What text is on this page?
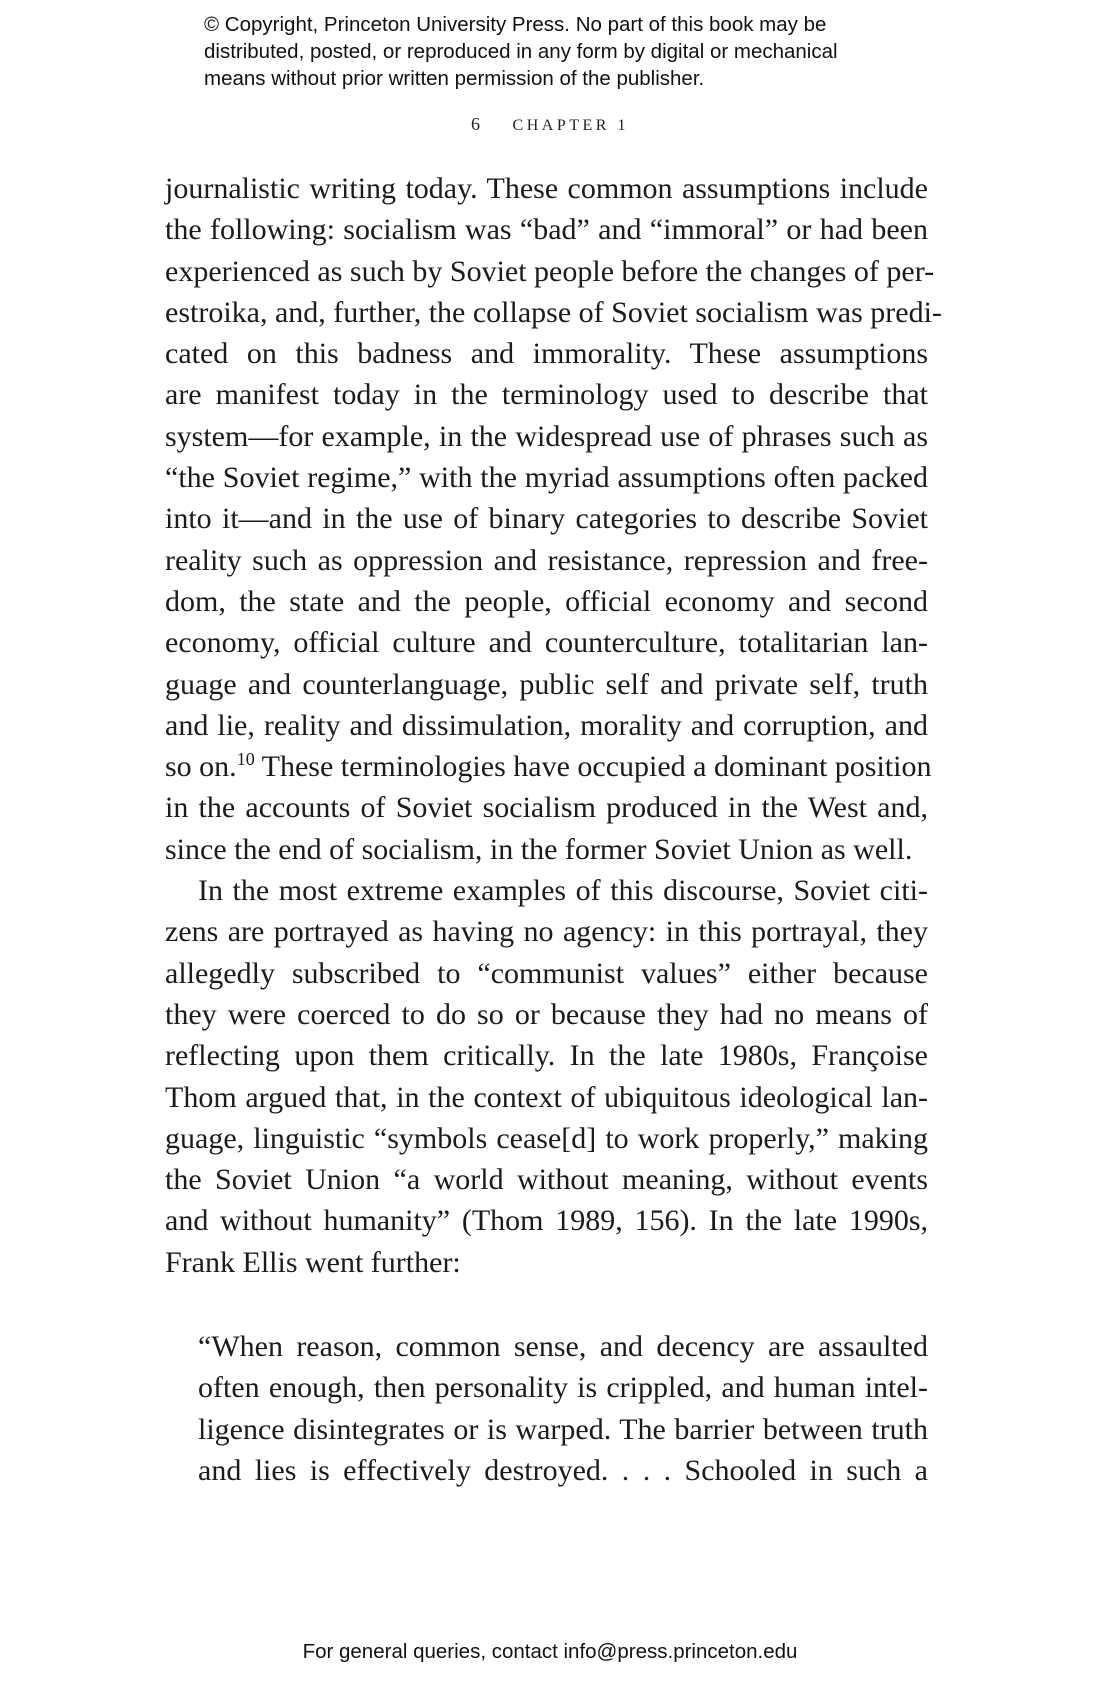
© Copyright, Princeton University Press. No part of this book may be
distributed, posted, or reproduced in any form by digital or mechanical
means without prior written permission of the publisher.
6 CHAPTER 1
journalistic writing today. These common assumptions include
the following: socialism was “bad” and “immoral” or had been
experienced as such by Soviet people before the changes of per-
estroika, and, further, the collapse of Soviet socialism was predi-
cated on this badness and immorality. These assumptions
are manifest today in the terminology used to describe that
system—for example, in the widespread use of phrases such as
“the Soviet regime,” with the myriad assumptions often packed
into it—and in the use of binary categories to describe Soviet
reality such as oppression and resistance, repression and free-
dom, the state and the people, official economy and second
economy, official culture and counterculture, totalitarian lan-
guage and counterlanguage, public self and private self, truth
and lie, reality and dissimulation, morality and corruption, and
so on.$^{10}$ These terminologies have occupied a dominant position
in the accounts of Soviet socialism produced in the West and,
since the end of socialism, in the former Soviet Union as well.
In the most extreme examples of this discourse, Soviet citi-
zens are portrayed as having no agency: in this portrayal, they
allegedly subscribed to “communist values” either because
they were coerced to do so or because they had no means of
reflecting upon them critically. In the late 1980s, Françoise
Thom argued that, in the context of ubiquitous ideological lan-
guage, linguistic “symbols cease[d] to work properly,” making
the Soviet Union “a world without meaning, without events
and without humanity” (Thom 1989, 156). In the late 1990s,
Frank Ellis went further:
“When reason, common sense, and decency are assaulted
often enough, then personality is crippled, and human intel-
ligence disintegrates or is warped. The barrier between truth
and lies is effectively destroyed. . . . Schooled in such a
For general queries, contact info@press.princeton.edu
